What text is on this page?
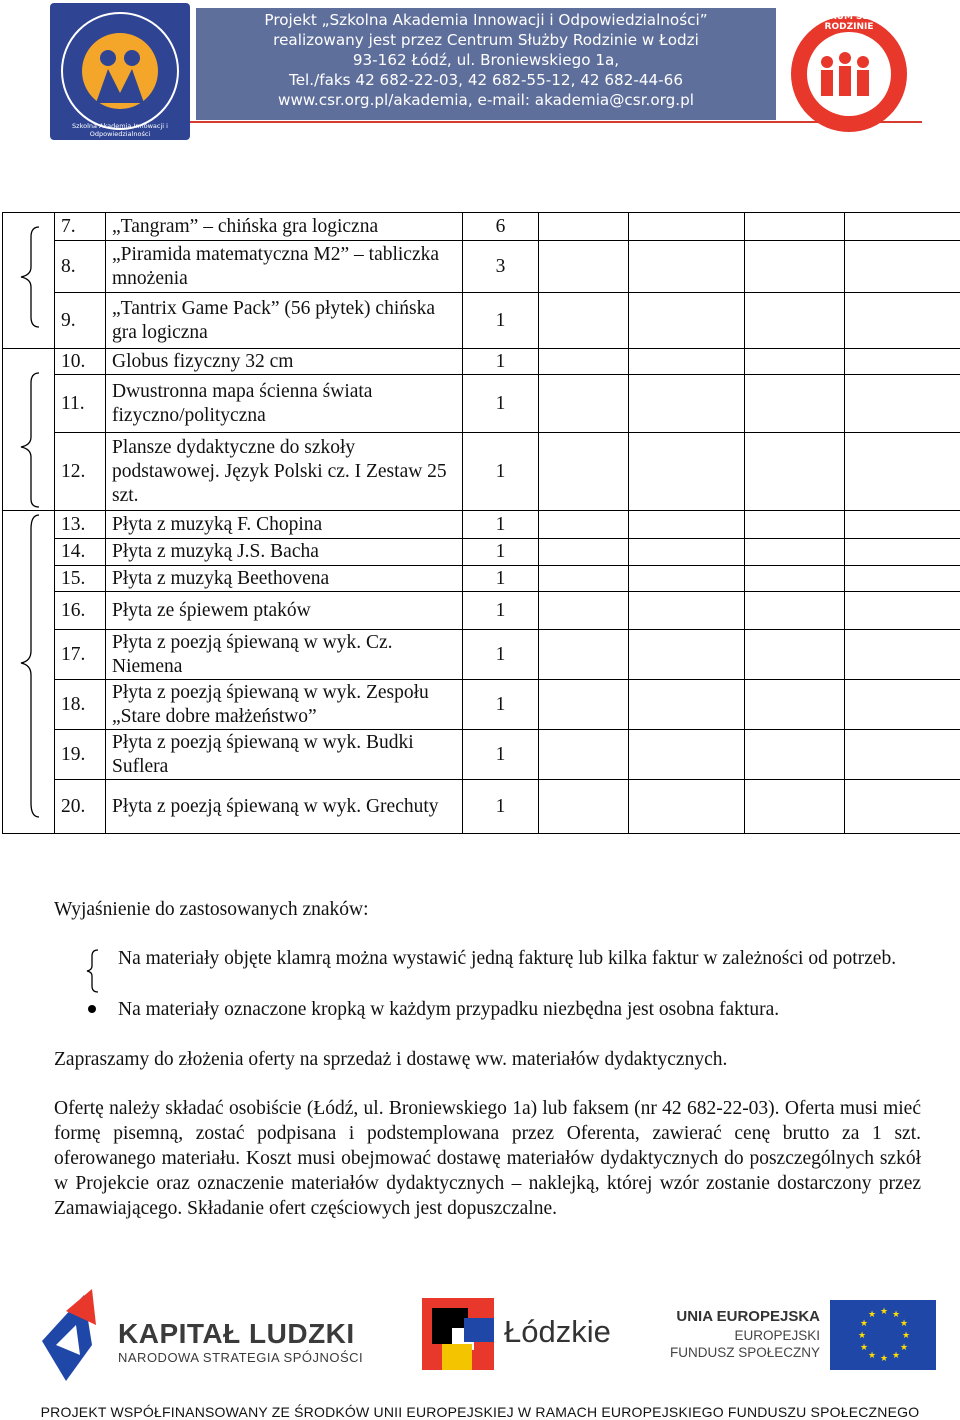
Szkolna Akademia Innowacji i Odpowiedzialności
Projekt „Szkolna Akademia Innowacji i Odpowiedzialności”
realizowany jest przez Centrum Służby Rodzinie w Łodzi
93-162 Łódź, ul. Broniewskiego 1a,
Tel./faks 42 682-22-03, 42 682-55-12, 42 682-44-66
www.csr.org.pl/akademia, e-mail: akademia@csr.org.pl
CENTRUM SŁUŻBY RODZINIE
	7.	„Tangram” – chińska gra logiczna	6				
	8.	„Piramida matematyczna M2” – tabliczka mnożenia	3				
	9.	„Tantrix Game Pack” (56 płytek) chińska gra logiczna	1				

	10.	Globus fizyczny 32 cm	1				
	11.	Dwustronna mapa ścienna świata fizyczno/polityczna	1				
	12.	Plansze dydaktyczne do szkoły podstawowej. Język Polski cz. I Zestaw 25 szt.	1				

	13.	Płyta z muzyką F. Chopina	1				
	14.	Płyta z muzyką J.S. Bacha	1				
	15.	Płyta z muzyką Beethovena	1				
	16.	Płyta ze śpiewem ptaków	1				
	17.	Płyta z poezją śpiewaną w wyk. Cz. Niemena	1				
	18.	Płyta z poezją śpiewaną w wyk. Zespołu „Stare dobre małżeństwo”	1				
	19.	Płyta z poezją śpiewaną w wyk. Budki Suflera	1				
	20.	Płyta z poezją śpiewaną w wyk. Grechuty	1				
Wyjaśnienie do zastosowanych znaków:
Na materiały objęte klamrą można wystawić jedną fakturę lub kilka faktur w zależności od potrzeb.
Na materiały oznaczone kropką w każdym przypadku niezbędna jest osobna faktura.
Zapraszamy do złożenia oferty na sprzedaż i dostawę ww. materiałów dydaktycznych.
Ofertę należy składać osobiście (Łódź, ul. Broniewskiego 1a) lub faksem (nr 42 682-22-03). Oferta musi mieć formę pisemną, zostać podpisana i podstemplowana przez Oferenta, zawierać cenę brutto za 1 szt. oferowanego materiału. Koszt musi obejmować dostawę materiałów dydaktycznych do poszczególnych szkół w Projekcie oraz oznaczenie materiałów dydaktycznych – naklejką, której wzór zostanie dostarczony przez Zamawiającego. Składanie ofert częściowych jest dopuszczalne.
KAPITAŁ LUDZKI
NARODOWA STRATEGIA SPÓJNOŚCI
Łódzkie	UNIA EUROPEJSKA
EUROPEJSKI
FUNDUSZ SPOŁECZNY
★ ★
★
★
★
★
★
★
★
★
★
★
PROJEKT WSPÓŁFINANSOWANY ZE ŚRODKÓW UNII EUROPEJSKIEJ W RAMACH EUROPEJSKIEGO FUNDUSZU SPOŁECZNEGO
